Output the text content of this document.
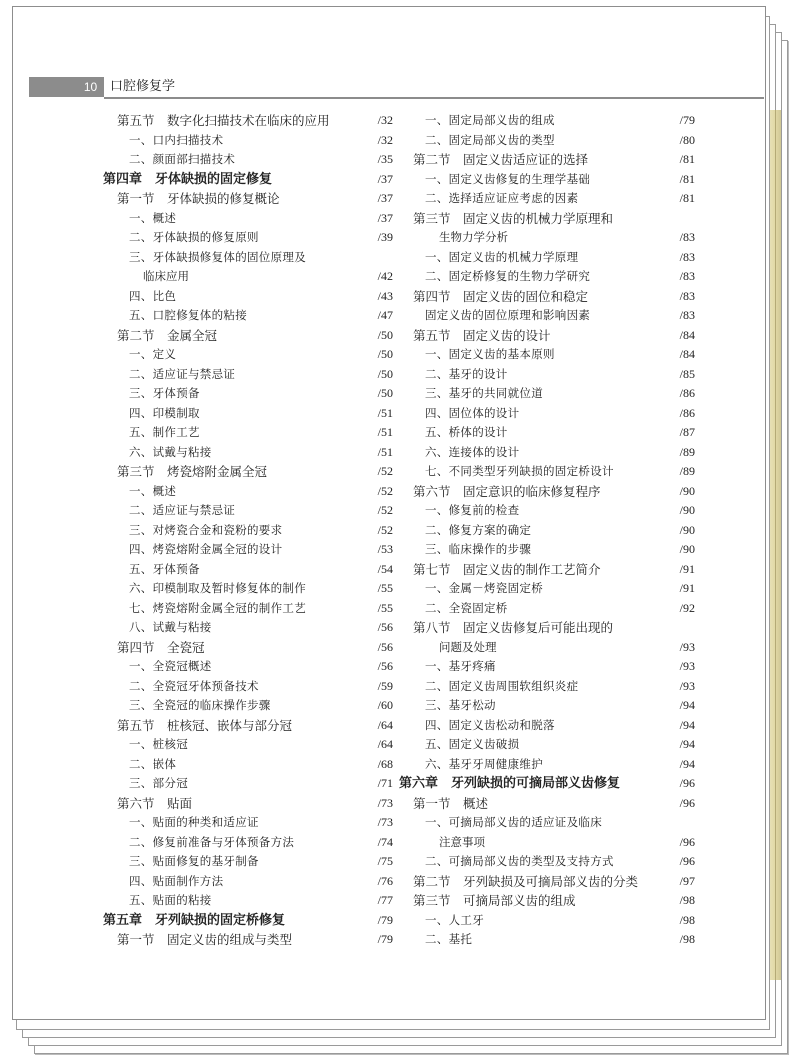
10 口腔修复学
第五节　数字化扫描技术在临床的应用	/32
一、口内扫描技术	/32
二、颜面部扫描技术	/35
第四章　牙体缺损的固定修复	/37
第一节　牙体缺损的修复概论	/37
一、概述	/37
二、牙体缺损的修复原则	/39
三、牙体缺损修复体的固位原理及
临床应用	/42
四、比色	/43
五、口腔修复体的粘接	/47
第二节　金属全冠	/50
一、定义	/50
二、适应证与禁忌证	/50
三、牙体预备	/50
四、印模制取	/51
五、制作工艺	/51
六、试戴与粘接	/51
第三节　烤瓷熔附金属全冠	/52
一、概述	/52
二、适应证与禁忌证	/52
三、对烤瓷合金和瓷粉的要求	/52
四、烤瓷熔附金属全冠的设计	/53
五、牙体预备	/54
六、印模制取及暂时修复体的制作	/55
七、烤瓷熔附金属全冠的制作工艺	/55
八、试戴与粘接	/56
第四节　全瓷冠	/56
一、全瓷冠概述	/56
二、全瓷冠牙体预备技术	/59
三、全瓷冠的临床操作步骤	/60
第五节　桩核冠、嵌体与部分冠	/64
一、桩核冠	/64
二、嵌体	/68
三、部分冠	/71
第六节　贴面	/73
一、贴面的种类和适应证	/73
二、修复前准备与牙体预备方法	/74
三、贴面修复的基牙制备	/75
四、贴面制作方法	/76
五、贴面的粘接	/77
第五章　牙列缺损的固定桥修复	/79
第一节　固定义齿的组成与类型	/79
一、固定局部义齿的组成	/79
二、固定局部义齿的类型	/80
第二节　固定义齿适应证的选择	/81
一、固定义齿修复的生理学基础	/81
二、选择适应证应考虑的因素	/81
第三节　固定义齿的机械力学原理和
生物力学分析	/83
一、固定义齿的机械力学原理	/83
二、固定桥修复的生物力学研究	/83
第四节　固定义齿的固位和稳定	/83
固定义齿的固位原理和影响因素	/83
第五节　固定义齿的设计	/84
一、固定义齿的基本原则	/84
二、基牙的设计	/85
三、基牙的共同就位道	/86
四、固位体的设计	/86
五、桥体的设计	/87
六、连接体的设计	/89
七、不同类型牙列缺损的固定桥设计	/89
第六节　固定意识的临床修复程序	/90
一、修复前的检查	/90
二、修复方案的确定	/90
三、临床操作的步骤	/90
第七节　固定义齿的制作工艺简介	/91
一、金属－烤瓷固定桥	/91
二、全瓷固定桥	/92
第八节　固定义齿修复后可能出现的
问题及处理	/93
一、基牙疼痛	/93
二、固定义齿周围软组织炎症	/93
三、基牙松动	/94
四、固定义齿松动和脱落	/94
五、固定义齿破损	/94
六、基牙牙周健康维护	/94
第六章　牙列缺损的可摘局部义齿修复	/96
第一节　概述	/96
一、可摘局部义齿的适应证及临床
注意事项	/96
二、可摘局部义齿的类型及支持方式	/96
第二节　牙列缺损及可摘局部义齿的分类	/97
第三节　可摘局部义齿的组成	/98
一、人工牙	/98
二、基托	/98
